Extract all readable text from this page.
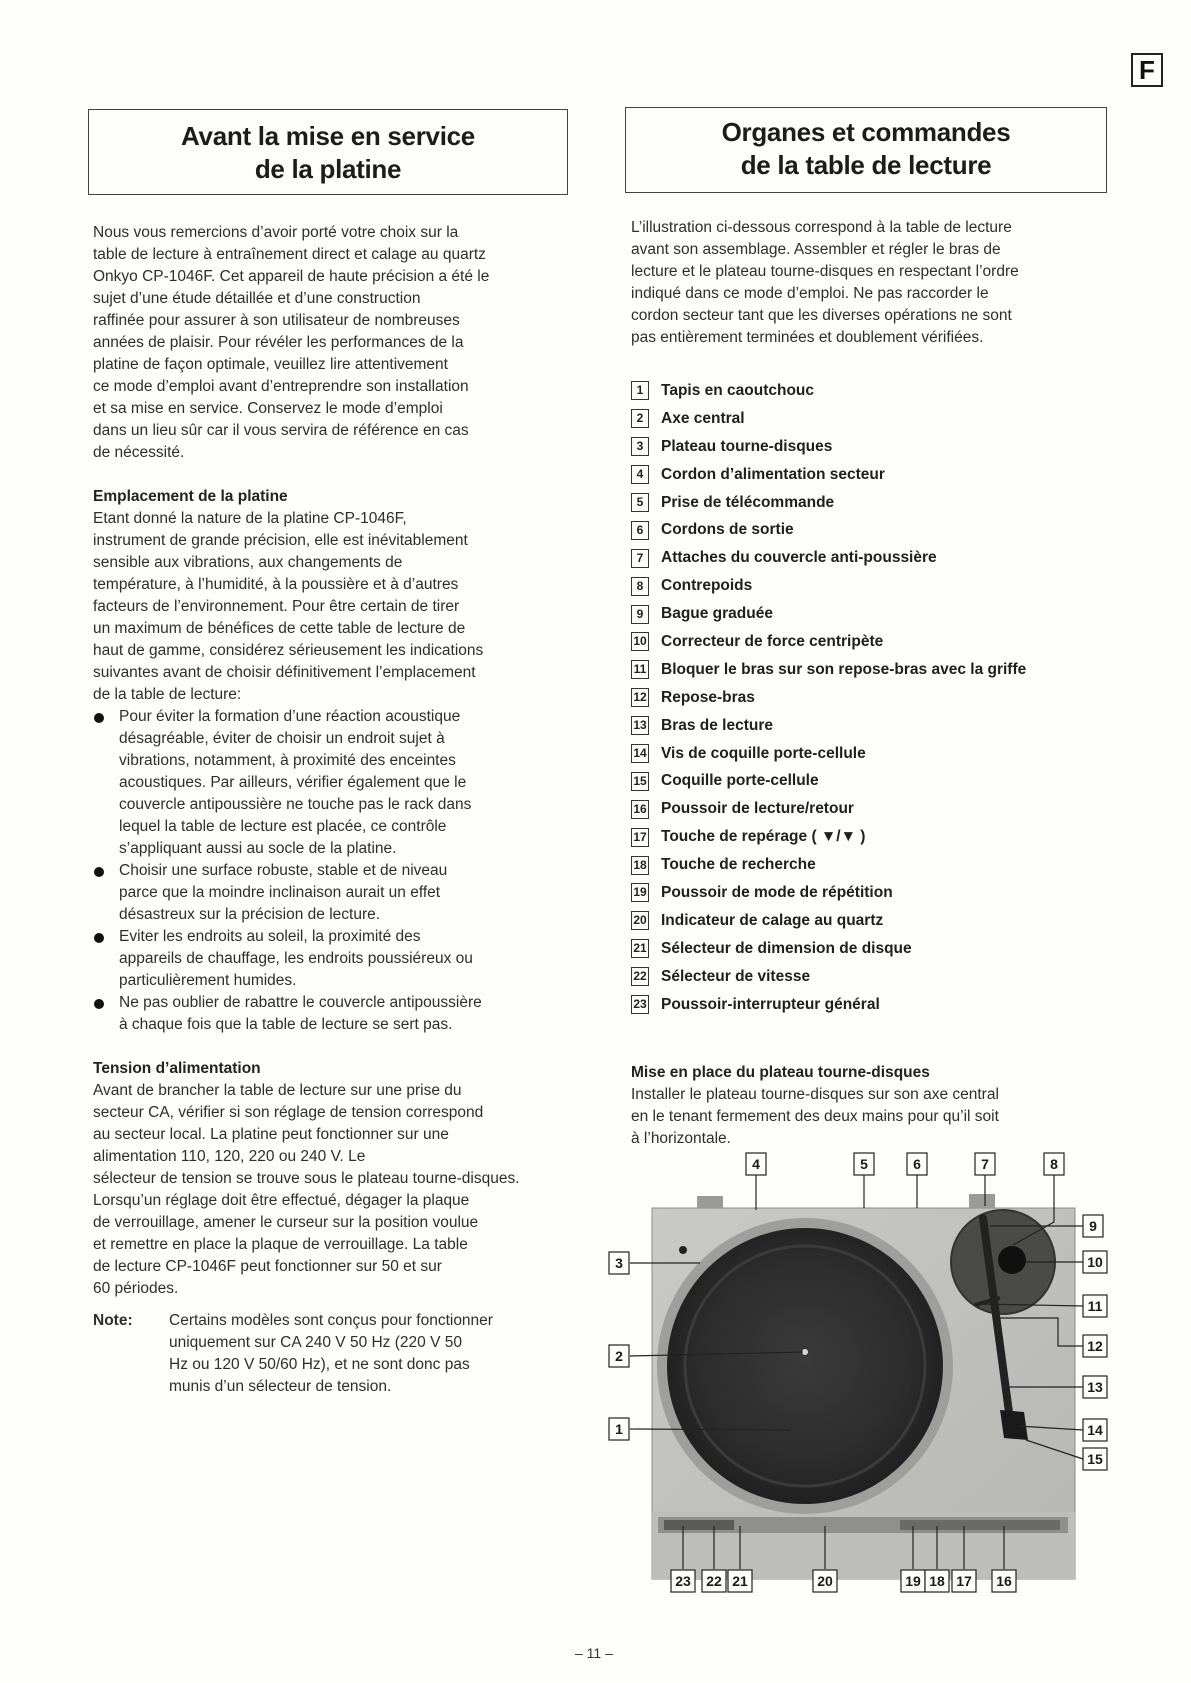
F
Avant la mise en service
de la platine
Organes et commandes
de la table de lecture

Nous vous remercions d’avoir porté votre choix sur la

table de lecture à entraînement direct et calage au quartz

Onkyo CP-1046F. Cet appareil de haute précision a été le

sujet d’une étude détaillée et d’une construction

raffinée pour assurer à son utilisateur de nombreuses

années de plaisir. Pour révéler les performances de la

platine de façon optimale, veuillez lire attentivement

ce mode d’emploi avant d’entreprendre son installation

et sa mise en service. Conservez le mode d’emploi

dans un lieu sûr car il vous servira de référence en cas

de nécessité.

Emplacement de la platine

Etant donné la nature de la platine CP-1046F,

instrument de grande précision, elle est inévitablement

sensible aux vibrations, aux changements de

température, à l’humidité, à la poussière et à d’autres

facteurs de l’environnement. Pour être certain de tirer

un maximum de bénéfices de cette table de lecture de

haut de gamme, considérez sérieusement les indications

suivantes avant de choisir définitivement l’emplacement

de la table de lecture:

Pour éviter la formation d’une réaction acoustique

désagréable, éviter de choisir un endroit sujet à

vibrations, notamment, à proximité des enceintes

acoustiques. Par ailleurs, vérifier également que le

couvercle antipoussière ne touche pas le rack dans

lequel la table de lecture est placée, ce contrôle

s’appliquant aussi au socle de la platine.

Choisir une surface robuste, stable et de niveau

parce que la moindre inclinaison aurait un effet

désastreux sur la précision de lecture.

Eviter les endroits au soleil, la proximité des

appareils de chauffage, les endroits poussiéreux ou

particulièrement humides.

Ne pas oublier de rabattre le couvercle antipoussière

à chaque fois que la table de lecture se sert pas.

Tension d’alimentation

Avant de brancher la table de lecture sur une prise du

secteur CA, vérifier si son réglage de tension correspond

au secteur local. La platine peut fonctionner sur une

alimentation 110, 120, 220 ou 240 V. Le

sélecteur de tension se trouve sous le plateau tourne-disques.

Lorsqu’un réglage doit être effectué, dégager la plaque

de verrouillage, amener le curseur sur la position voulue

et remettre en place la plaque de verrouillage. La table

de lecture CP-1046F peut fonctionner sur 50 et sur

60 périodes.

Note:	Certains modèles sont conçus pour fonctionner

uniquement sur CA 240 V 50 Hz (220 V 50

Hz ou 120 V 50/60 Hz), et ne sont donc pas

munis d’un sélecteur de tension.

L’illustration ci-dessous correspond à la table de lecture

avant son assemblage. Assembler et régler le bras de

lecture et le plateau tourne-disques en respectant l’ordre

indiqué dans ce mode d’emploi. Ne pas raccorder le

cordon secteur tant que les diverses opérations ne sont

pas entièrement terminées et doublement vérifiées.

1	Tapis en caoutchouc
2	Axe central
3	Plateau tourne-disques
4	Cordon d’alimentation secteur
5	Prise de télécommande
6	Cordons de sortie
7	Attaches du couvercle anti-poussière
8	Contrepoids
9	Bague graduée
10 Correcteur de force centripète
11 Bloquer le bras sur son repose-bras avec la griffe
12 Repose-bras
13 Bras de lecture
14 Vis de coquille porte-cellule
15 Coquille porte-cellule
16 Poussoir de lecture/retour
17 Touche de repérage ( ▼/▼ )
18 Touche de recherche
19 Poussoir de mode de répétition
20 Indicateur de calage au quartz
21 Sélecteur de dimension de disque
22 Sélecteur de vitesse
23 Poussoir-interrupteur général

Mise en place du plateau tourne-disques

Installer le plateau tourne-disques sur son axe central

en le tenant fermement des deux mains pour qu’il soit

à l’horizontale.

4	5	6	7	8
3
2
1
9
10
11
12
13
14
15
23 22 21	20	19 18 17 16
– 11 –
